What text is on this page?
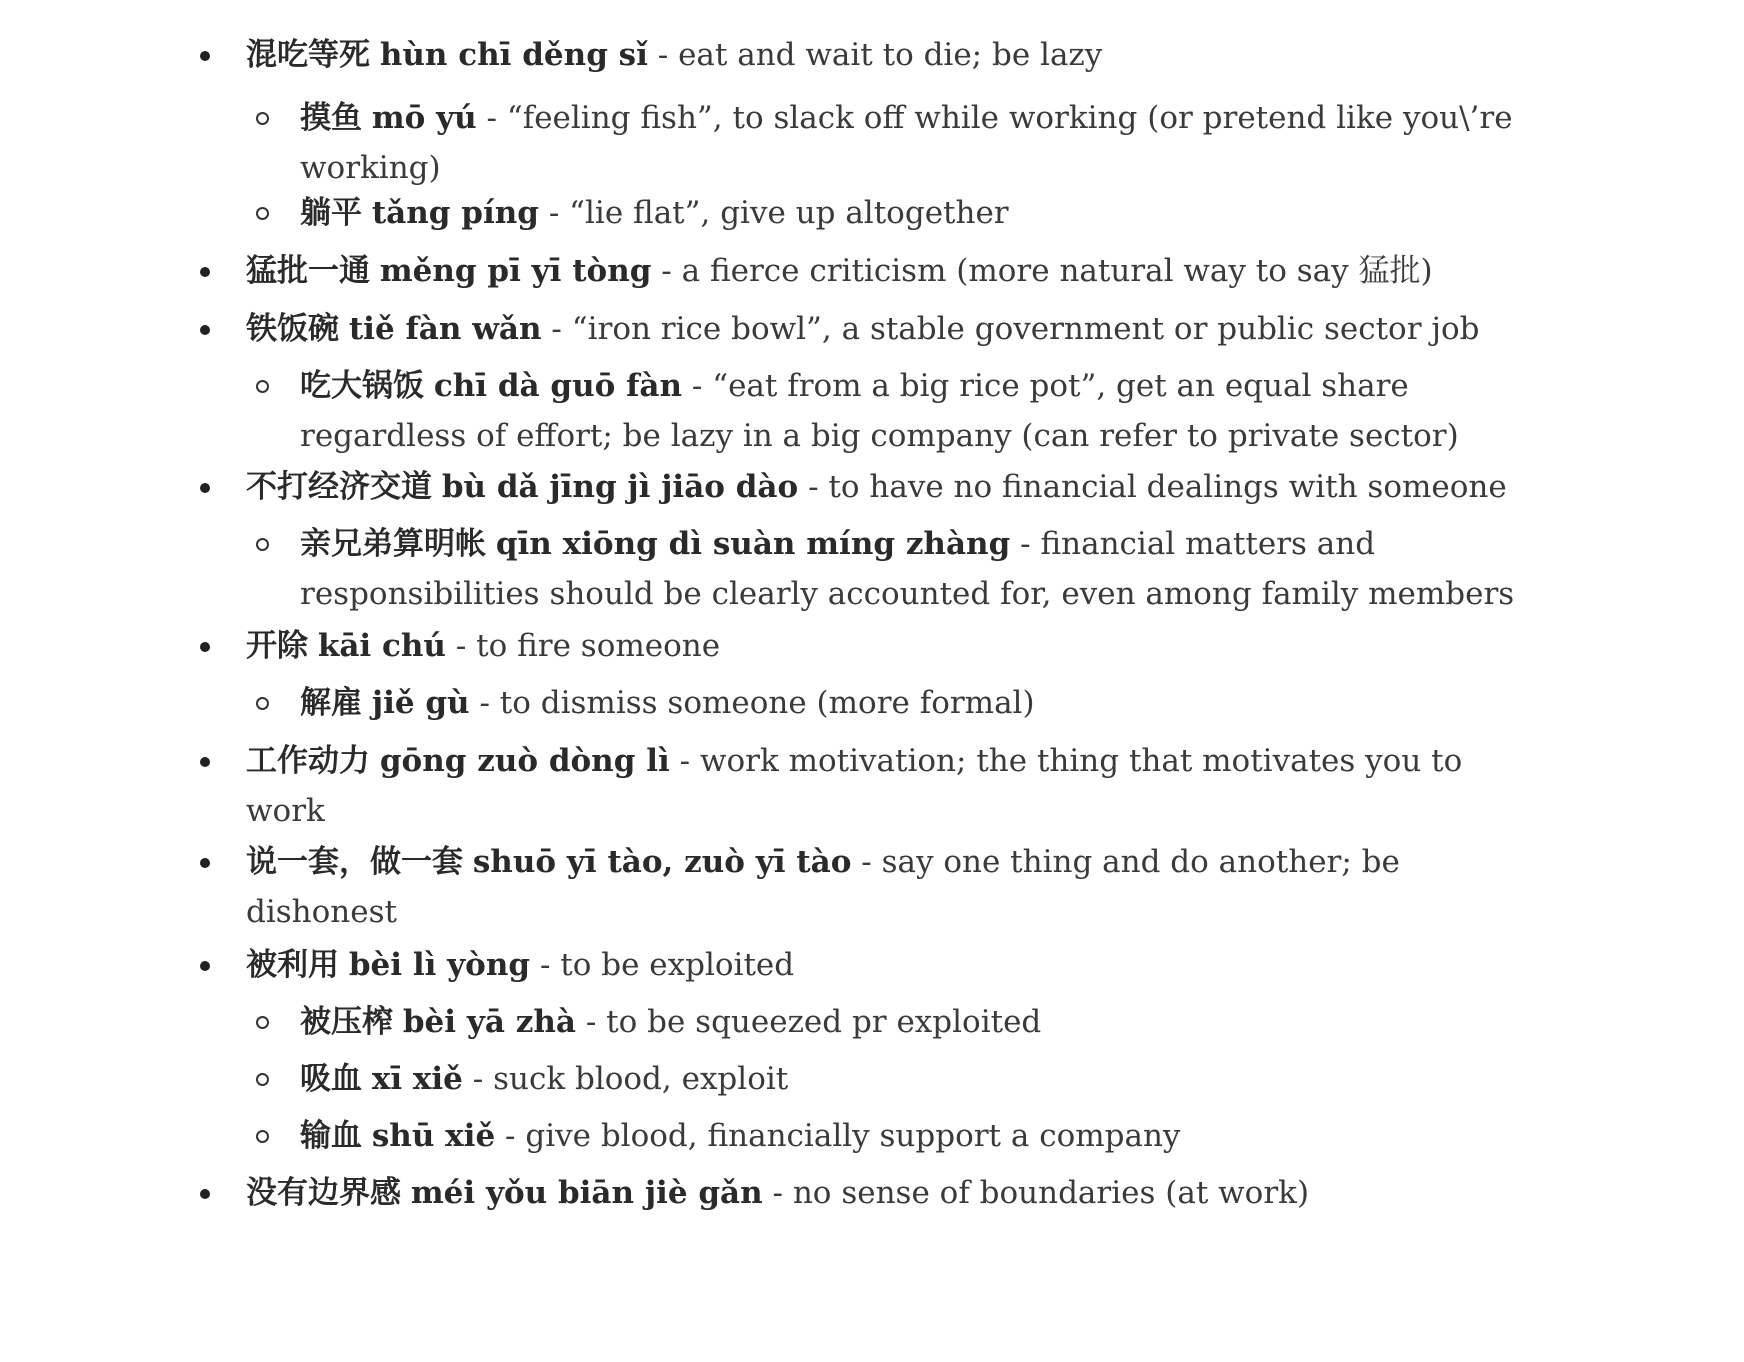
混吃等死 hùn chī děng sǐ - eat and wait to die; be lazy
摸鱼 mō yú - “feeling fish”, to slack off while working (or pretend like you\’re
working)
躺平 tǎng píng - “lie flat”, give up altogether
猛批一通 měng pī yī tòng - a fierce criticism (more natural way to say 猛批)
铁饭碗 tiě fàn wǎn - “iron rice bowl”, a stable government or public sector job
吃大锅饭 chī dà guō fàn - “eat from a big rice pot”, get an equal share
regardless of effort; be lazy in a big company (can refer to private sector)
不打经济交道 bù dǎ jīng jì jiāo dào - to have no financial dealings with someone
亲兄弟算明帐 qīn xiōng dì suàn míng zhàng - financial matters and
responsibilities should be clearly accounted for, even among family members
开除 kāi chú - to fire someone
解雇 jiě gù - to dismiss someone (more formal)
工作动力 gōng zuò dòng lì - work motivation; the thing that motivates you to
work
说一套，做一套 shuō yī tào, zuò yī tào - say one thing and do another; be
dishonest
被利用 bèi lì yòng - to be exploited
被压榨 bèi yā zhà - to be squeezed pr exploited
吸血 xī xiě - suck blood, exploit
输血 shū xiě - give blood, financially support a company
没有边界感 méi yǒu biān jiè gǎn - no sense of boundaries (at work)
